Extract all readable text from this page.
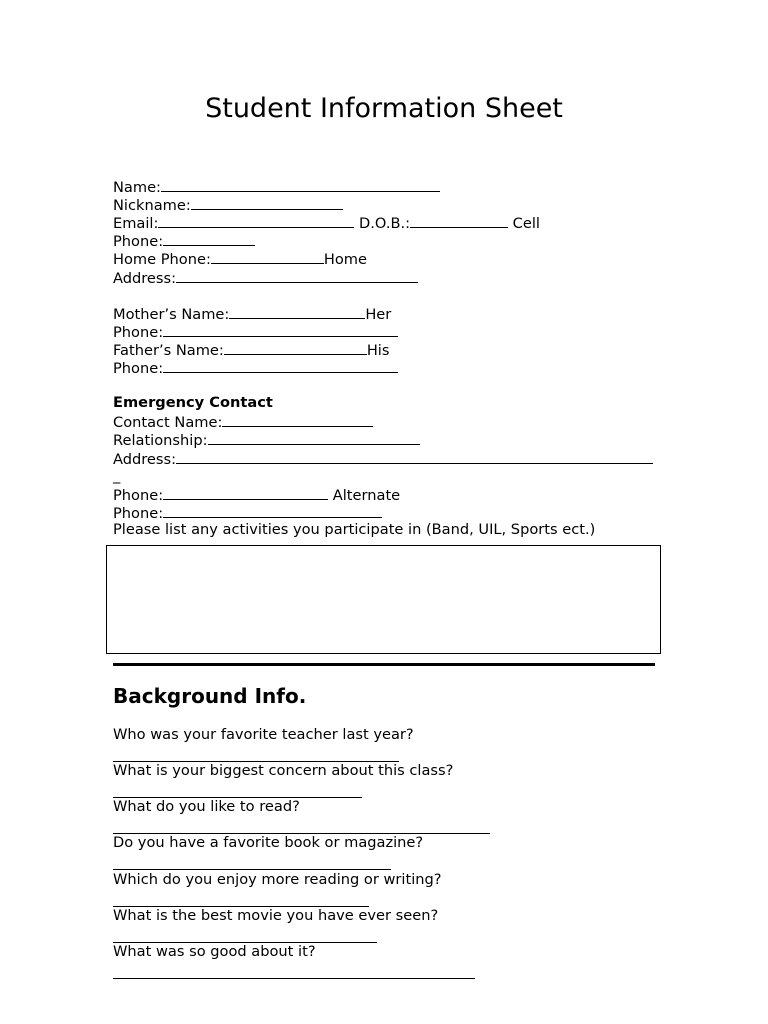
Student Information Sheet
Name:
Nickname:
Email:	D.O.B.:	Cell
Phone:
Home Phone:	Home
Address:
Mother’s Name:	Her
Phone:
Father’s Name:	His
Phone:
Emergency Contact
Contact Name:
Relationship:
Address:
_
Phone:	Alternate
Phone:
Please list any activities you participate in (Band, UIL, Sports ect.)
Background Info.
Who was your favorite teacher last year?
What is your biggest concern about this class?
What do you like to read?
Do you have a favorite book or magazine?
Which do you enjoy more reading or writing?
What is the best movie you have ever seen?
What was so good about it?
